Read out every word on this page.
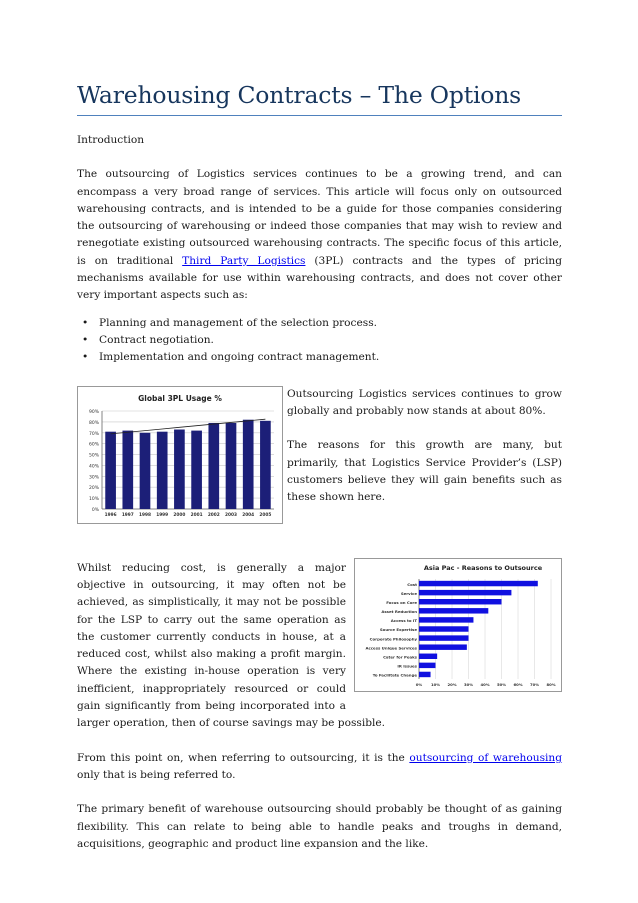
Warehousing Contracts – The Options

Introduction

The outsourcing of Logistics services continues to be a growing trend, and can encompass a very broad range of services. This article will focus only on outsourced warehousing contracts, and is intended to be a guide for those companies considering the outsourcing of warehousing or indeed those companies that may wish to review and renegotiate existing outsourced warehousing contracts. The specific focus of this article, is on traditional Third Party Logistics (3PL) contracts and the types of pricing mechanisms available for use within warehousing contracts, and does not cover other very important aspects such as:

• Planning and management of the selection process.
• Contract negotiation.
• Implementation and ongoing contract management.
Global 3PL Usage %
0%
10%
20%
30%
40%
50%
60%
70%
80%
90%
1996 1997 1998 1999 2000 2001 2002 2003 2004 2005

Outsourcing Logistics services continues to grow globally and probably now stands at about 80%.

The reasons for this growth are many, but primarily, that Logistics Service Provider’s (LSP) customers believe they will gain benefits such as these shown here.

Asia Pac - Reasons to Outsource
0% 10% 20% 30% 40% 50% 60% 70% 80%
Cost
Service
Focus on Core
Asset Reduction
Access to IT
Source Expertise
Corporate Philosophy
Access Unique Services
Cater for Peaks
IR Issues
To Facilitate Change

Whilst reducing cost, is generally a major objective in outsourcing, it may often not be achieved, as simplistically, it may not be possible for the LSP to carry out the same operation as the customer currently conducts in house, at a reduced cost, whilst also making a profit margin. Where the existing in-house operation is very inefficient, inappropriately resourced or could gain significantly from being incorporated into a larger operation, then of course savings may be possible.

From this point on, when referring to outsourcing, it is the outsourcing of warehousing only that is being referred to.

The primary benefit of warehouse outsourcing should probably be thought of as gaining flexibility. This can relate to being able to handle peaks and troughs in demand, acquisitions, geographic and product line expansion and the like.
